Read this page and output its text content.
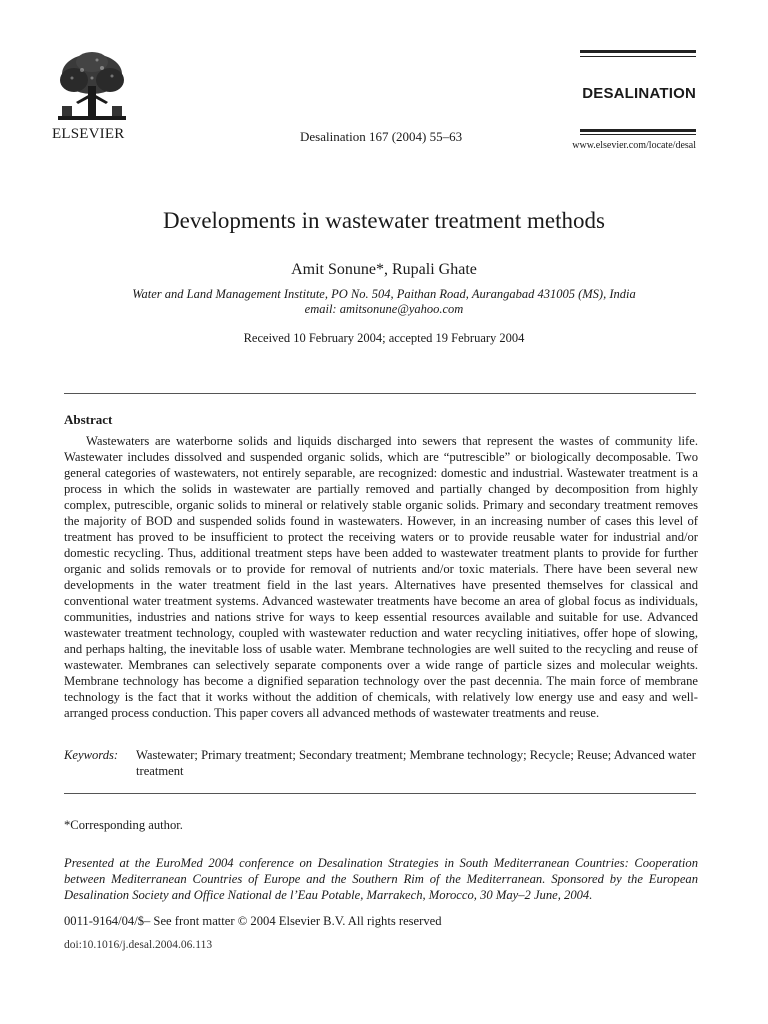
ELSEVIER	Desalination 167 (2004) 55–63
DESALINATION
www.elsevier.com/locate/desal
Developments in wastewater treatment methods
Amit Sonune*, Rupali Ghate
Water and Land Management Institute, PO No. 504, Paithan Road, Aurangabad 431005 (MS), India
email: amitsonune@yahoo.com
Received 10 February 2004; accepted 19 February 2004
Abstract

Wastewaters are waterborne solids and liquids discharged into sewers that represent the wastes of community life. Wastewater includes dissolved and suspended organic solids, which are “putrescible” or biologically decomposable. Two general categories of wastewaters, not entirely separable, are recognized: domestic and industrial. Wastewater treatment is a process in which the solids in wastewater are partially removed and partially changed by decomposition from highly complex, putrescible, organic solids to mineral or relatively stable organic solids. Primary and secondary treatment removes the majority of BOD and suspended solids found in wastewaters. However, in an increasing number of cases this level of treatment has proved to be insufficient to protect the receiving waters or to provide reusable water for industrial and/or domestic recycling. Thus, additional treatment steps have been added to wastewater treatment plants to provide for further organic and solids removals or to provide for removal of nutrients and/or toxic materials. There have been several new developments in the water treatment field in the last years. Alternatives have presented themselves for classical and conventional water treatment systems. Advanced wastewater treatments have become an area of global focus as individuals, communities, industries and nations strive for ways to keep essential resources available and suitable for use. Advanced wastewater treatment technology, coupled with wastewater reduction and water recycling initiatives, offer hope of slowing, and perhaps halting, the inevitable loss of usable water. Membrane technologies are well suited to the recycling and reuse of wastewater. Membranes can selectively separate components over a wide range of particle sizes and molecular weights. Membrane technology has become a dignified separation technology over the past decennia. The main force of membrane technology is the fact that it works without the addition of chemicals, with relatively low energy use and easy and well-arranged process conduction. This paper covers all advanced methods of wastewater treatments and reuse.

Keywords:	Wastewater; Primary treatment; Secondary treatment; Membrane technology; Recycle; Reuse; Advanced water treatment
*Corresponding author.
Presented at the EuroMed 2004 conference on Desalination Strategies in South Mediterranean Countries: Cooperation between Mediterranean Countries of Europe and the Southern Rim of the Mediterranean. Sponsored by the European Desalination Society and Office National de l’Eau Potable, Marrakech, Morocco, 30 May–2 June, 2004.
0011-9164/04/$– See front matter © 2004 Elsevier B.V. All rights reserved
doi:10.1016/j.desal.2004.06.113
